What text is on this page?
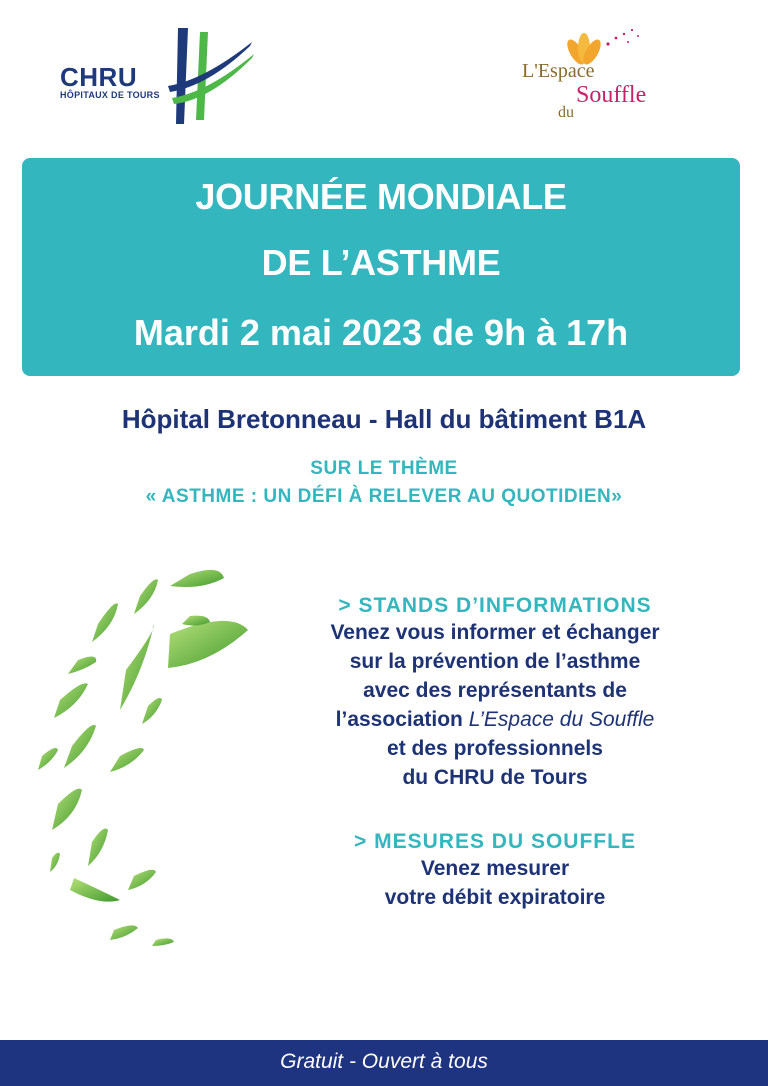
CHRU
HÔPITAUX DE TOURS
L'Espace
Souffle
du
JOURNÉE MONDIALE
DE L’ASTHME
Mardi 2 mai 2023 de 9h à 17h
Hôpital Bretonneau - Hall du bâtiment B1A
SUR LE THÈME
« ASTHME : UN DÉFI À RELEVER AU QUOTIDIEN»
> STANDS D’INFORMATIONS
Venez vous informer et échanger
sur la prévention de l’asthme
avec des représentants de
l’association L’Espace du Souffle
et des professionnels
du CHRU de Tours
> MESURES DU SOUFFLE
Venez mesurer
votre débit expiratoire
Gratuit - Ouvert à tous
